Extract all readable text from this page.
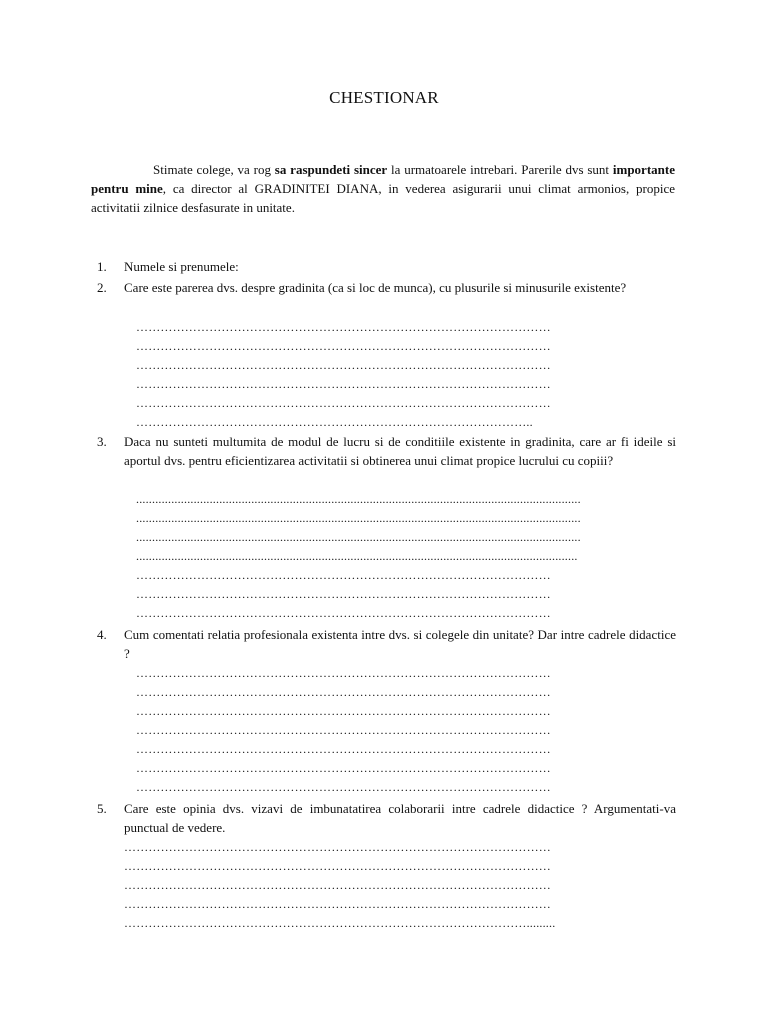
CHESTIONAR
Stimate colege, va rog sa raspundeti sincer la urmatoarele intrebari. Parerile dvs sunt importante pentru mine, ca director al GRADINITEI DIANA, in vederea asigurarii unui climat armonios, propice activitatii zilnice desfasurate in unitate.
1.	Numele si prenumele:
2.	Care este parerea dvs. despre gradinita (ca si loc de munca), cu plusurile si minusurile existente?
…………………………………………………………………………………………
…………………………………………………………………………………………
…………………………………………………………………………………………
…………………………………………………………………………………………
…………………………………………………………………………………………
……………………………………………………………………………………..
3.	Daca nu sunteti multumita de modul de lucru si de conditiile existente in gradinita, care ar fi ideile si aportul dvs. pentru eficientizarea activitatii si obtinerea unui climat propice lucrului cu copiii?
...........................................................................................................................................
...........................................................................................................................................
...........................................................................................................................................
..........................................................................................................................................
…………………………………………………………………………………………
…………………………………………………………………………………………
…………………………………………………………………………………………
4.	Cum comentati relatia profesionala existenta intre dvs. si colegele din unitate? Dar intre cadrele didactice ?
…………………………………………………………………………………………
…………………………………………………………………………………………
…………………………………………………………………………………………
…………………………………………………………………………………………
…………………………………………………………………………………………
…………………………………………………………………………………………
…………………………………………………………………………………………
5.	Care este opinia dvs. vizavi de imbunatatirea colaborarii intre cadrele didactice ? Argumentati-va punctual de vedere.
……………………………………………………………………………………………
……………………………………………………………………………………………
……………………………………………………………………………………………
……………………………………………………………………………………………
……………………………………………………………………………………….........
